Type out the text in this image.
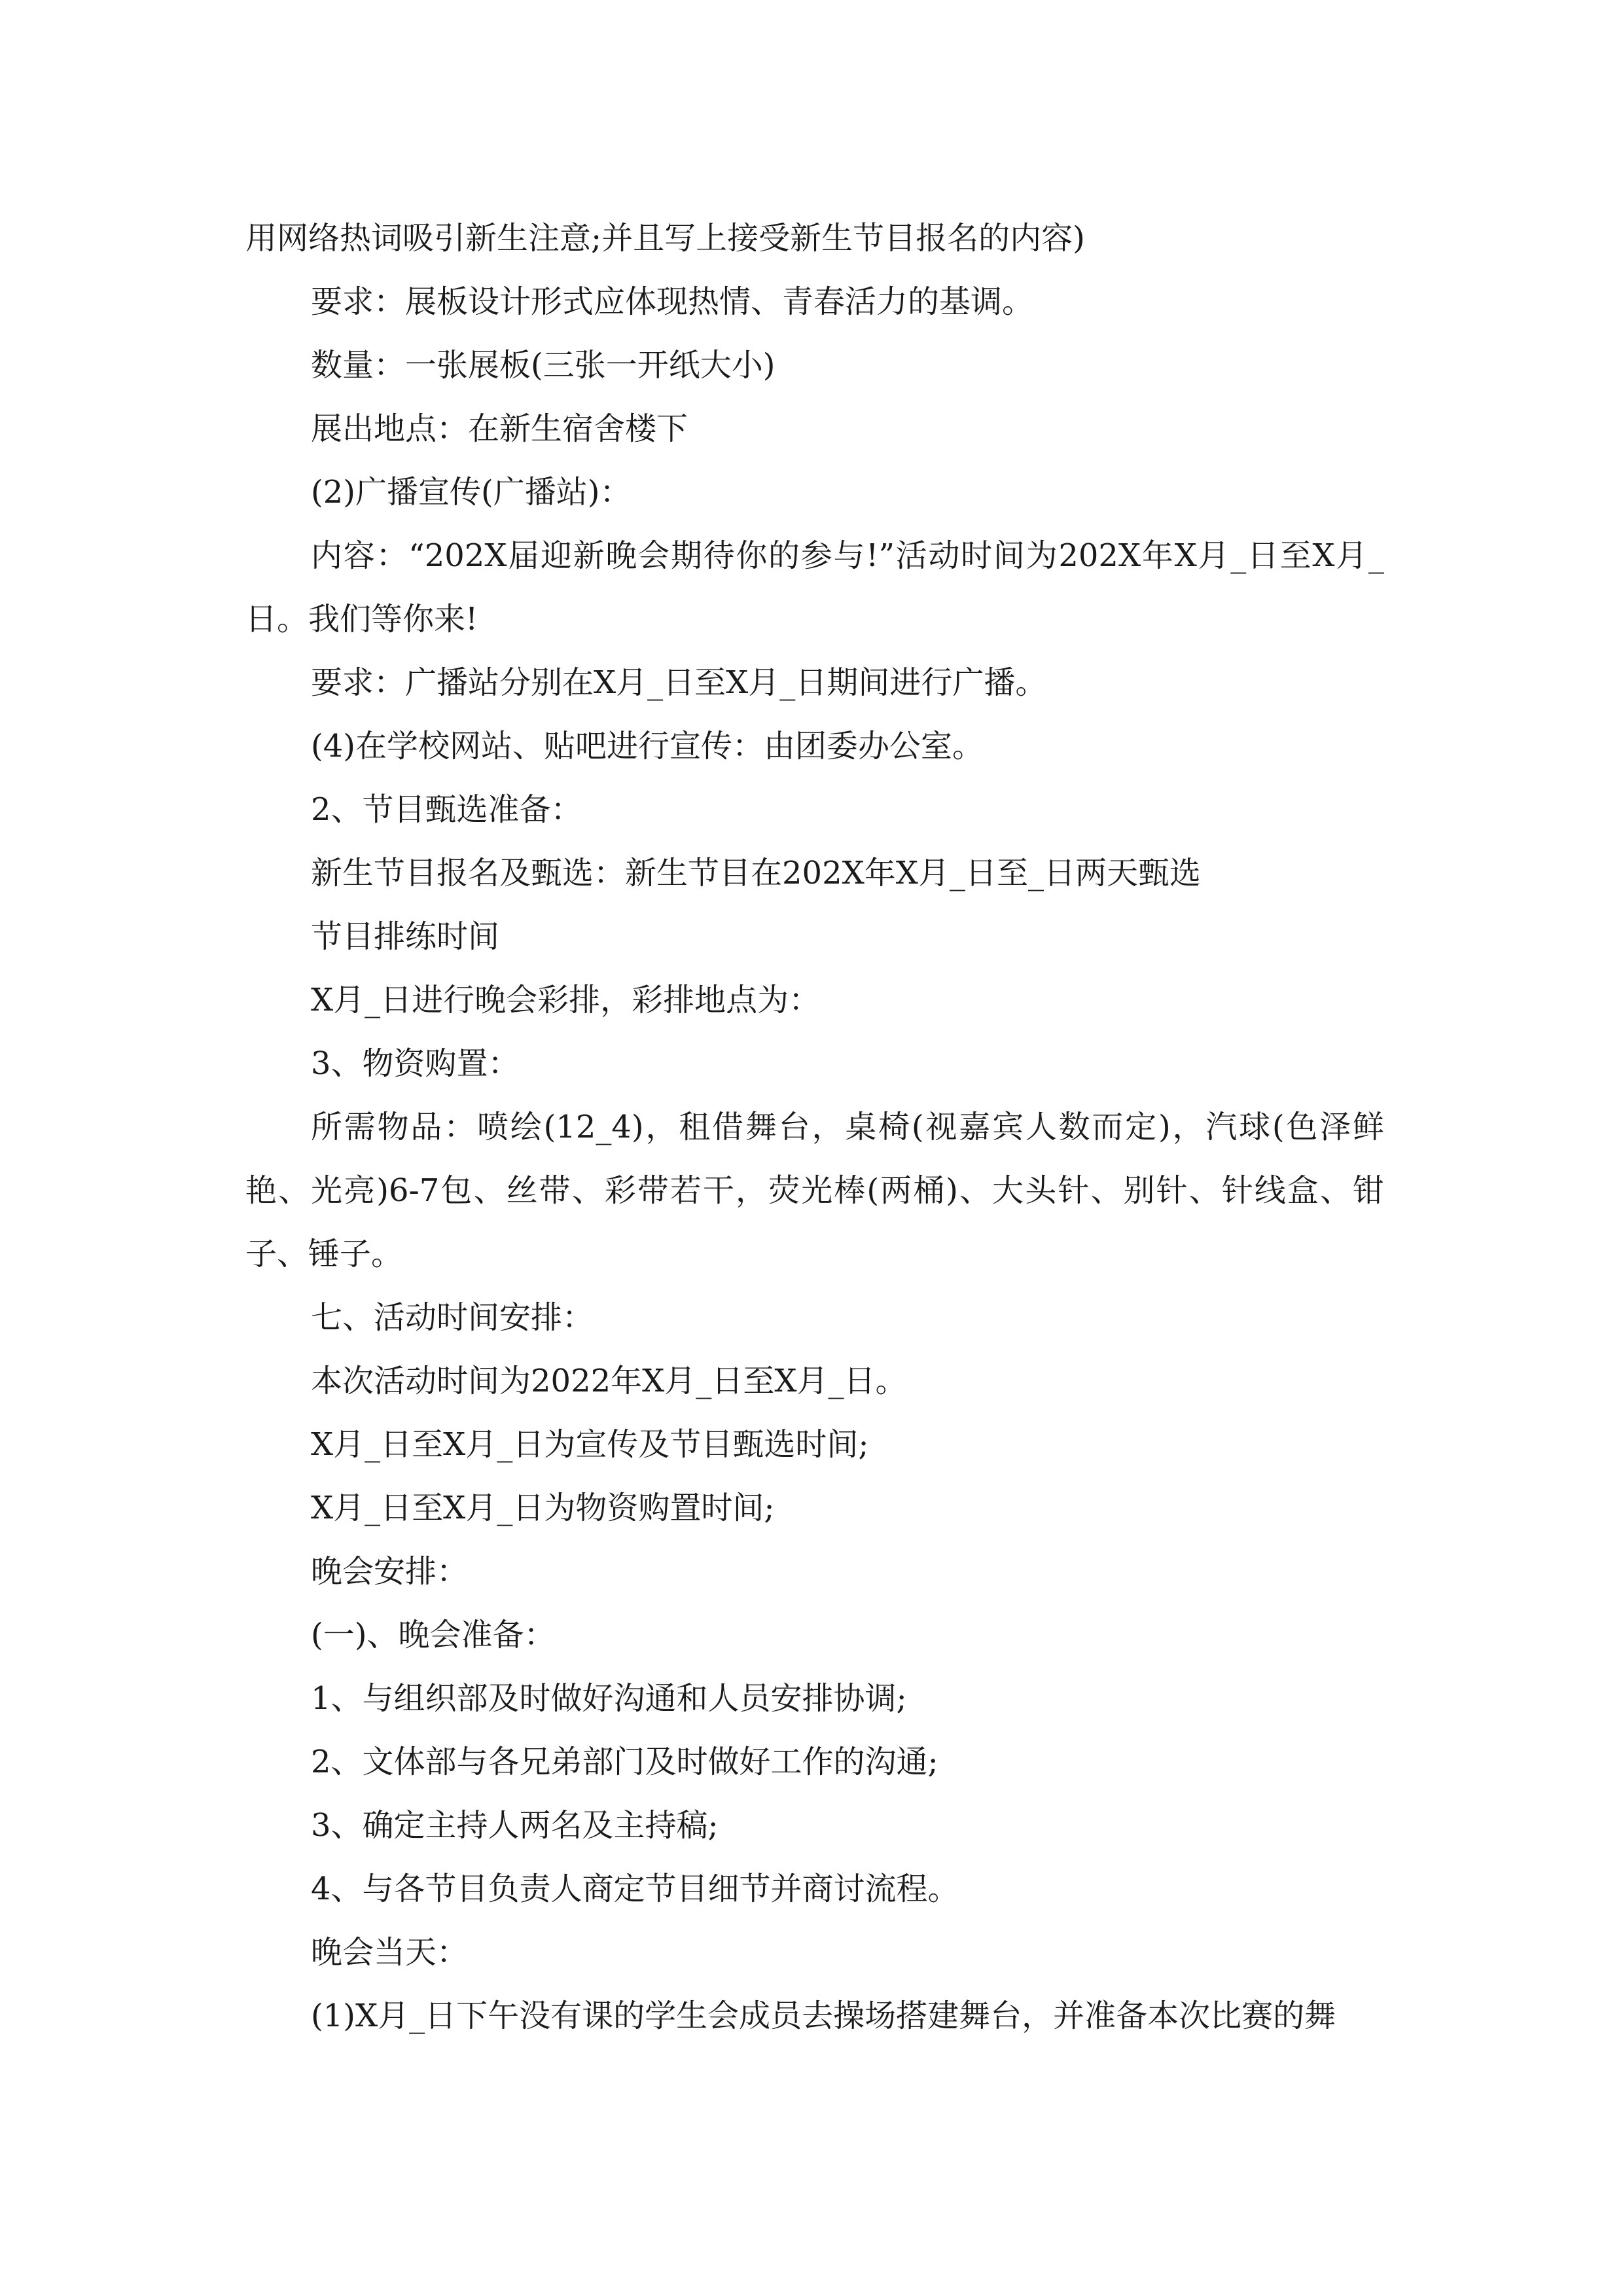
用网络热词吸引新生注意;并且写上接受新生节目报名的内容)

要求：展板设计形式应体现热情、青春活力的基调。

数量：一张展板(三张一开纸大小)

展出地点：在新生宿舍楼下

(2)广播宣传(广播站)：

内容：“202X届迎新晚会期待你的参与!”活动时间为202X年X月_日至X月_日。我们等你来!

要求：广播站分别在X月_日至X月_日期间进行广播。

(4)在学校网站、贴吧进行宣传：由团委办公室。

2、节目甄选准备：

新生节目报名及甄选：新生节目在202X年X月_日至_日两天甄选

节目排练时间

X月_日进行晚会彩排，彩排地点为：

3、物资购置：

所需物品：喷绘(12_4)，租借舞台，桌椅(视嘉宾人数而定)，汽球(色泽鲜艳、光亮)6-7包、丝带、彩带若干，荧光棒(两桶)、大头针、别针、针线盒、钳子、锤子。

七、活动时间安排：

本次活动时间为2022年X月_日至X月_日。

X月_日至X月_日为宣传及节目甄选时间;

X月_日至X月_日为物资购置时间;

晚会安排：

(一)、晚会准备：

1、与组织部及时做好沟通和人员安排协调;

2、文体部与各兄弟部门及时做好工作的沟通;

3、确定主持人两名及主持稿;

4、与各节目负责人商定节目细节并商讨流程。

晚会当天：

(1)X月_日下午没有课的学生会成员去操场搭建舞台，并准备本次比赛的舞
